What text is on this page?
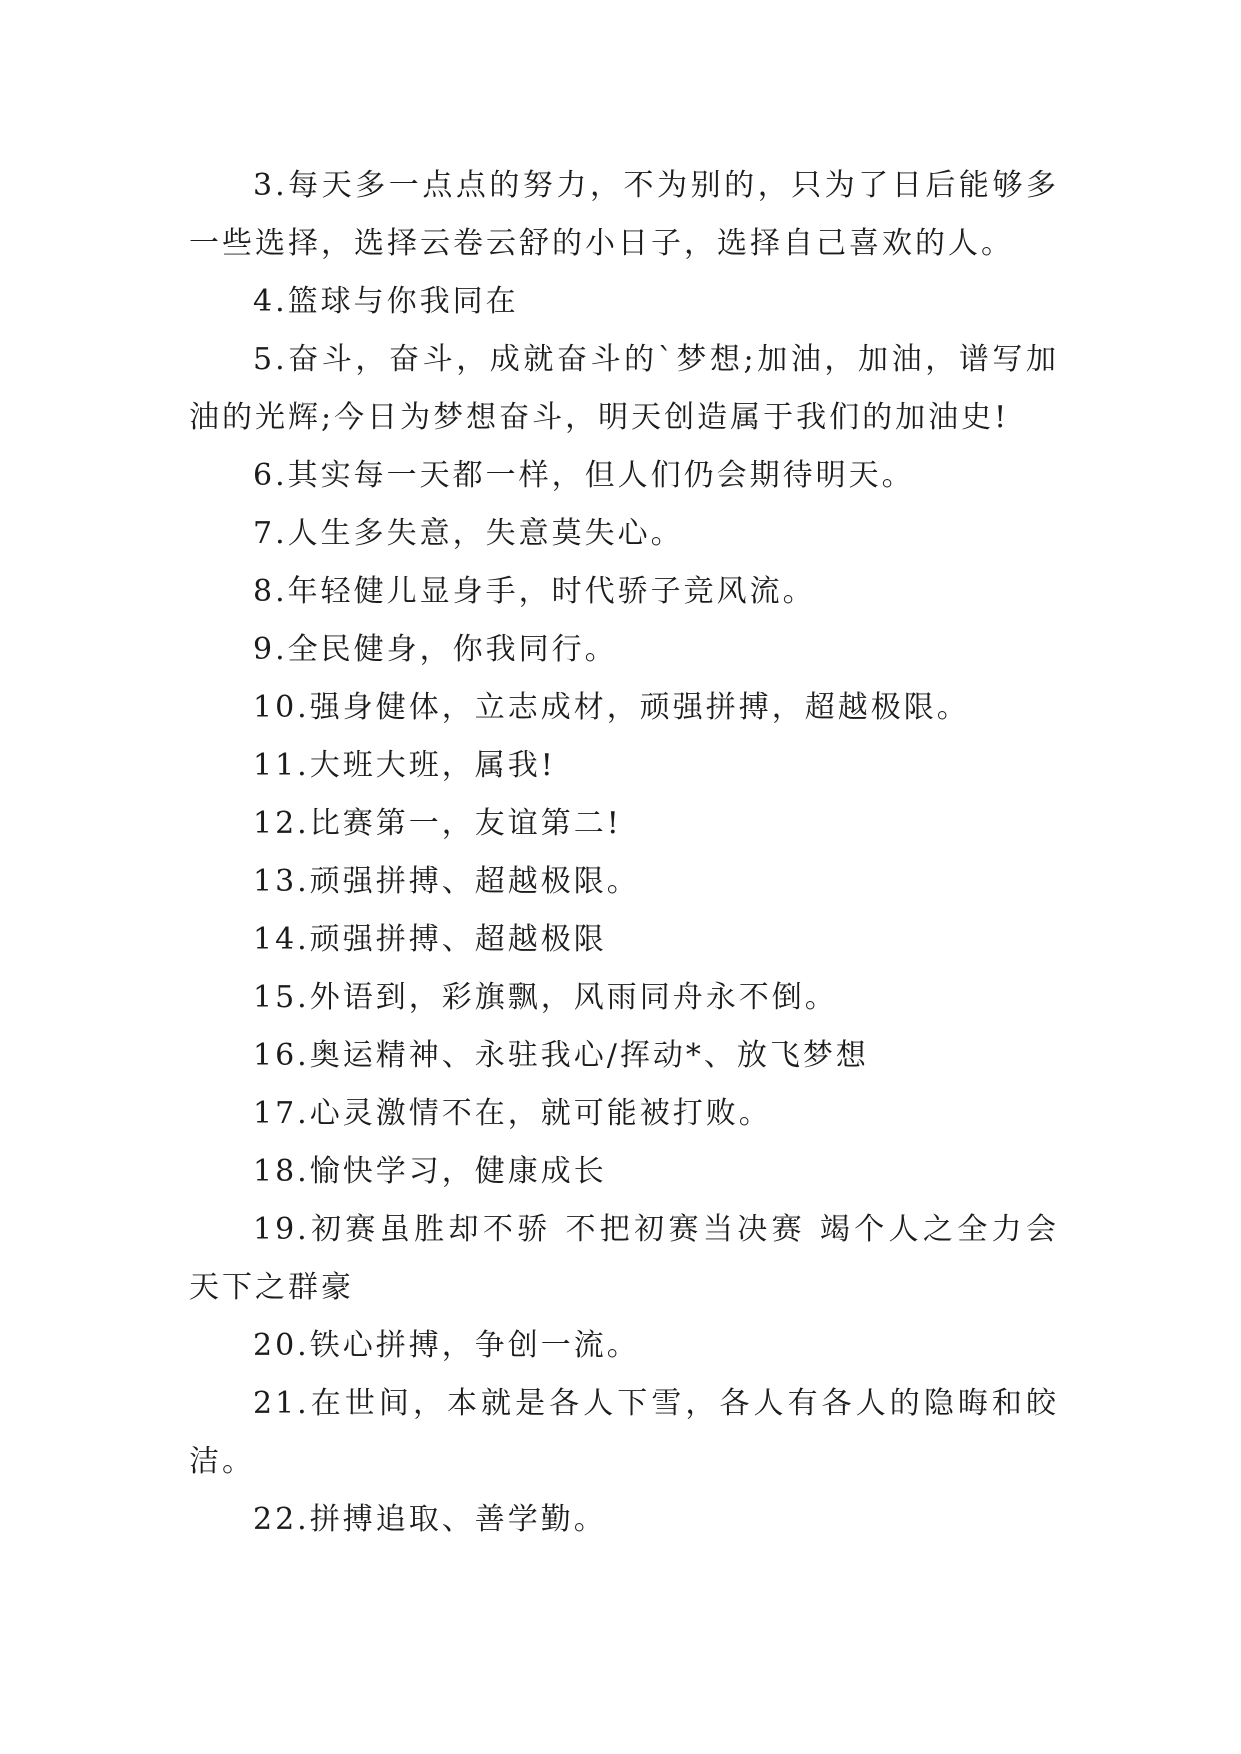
3.每天多一点点的努力，不为别的，只为了日后能够多一些选择，选择云卷云舒的小日子，选择自己喜欢的人。

4.篮球与你我同在

5.奋斗，奋斗，成就奋斗的`梦想;加油，加油，谱写加油的光辉;今日为梦想奋斗，明天创造属于我们的加油史!

6.其实每一天都一样，但人们仍会期待明天。

7.人生多失意，失意莫失心。

8.年轻健儿显身手，时代骄子竞风流。

9.全民健身，你我同行。

10.强身健体，立志成材，顽强拼搏，超越极限。

11.大班大班，属我!

12.比赛第一，友谊第二!

13.顽强拼搏、超越极限。

14.顽强拼搏、超越极限

15.外语到，彩旗飘，风雨同舟永不倒。

16.奥运精神、永驻我心/挥动*、放飞梦想

17.心灵激情不在，就可能被打败。

18.愉快学习，健康成长

19.初赛虽胜却不骄 不把初赛当决赛 竭个人之全力会天下之群豪

20.铁心拼搏，争创一流。

21.在世间，本就是各人下雪，各人有各人的隐晦和皎洁。

22.拼搏追取、善学勤。
